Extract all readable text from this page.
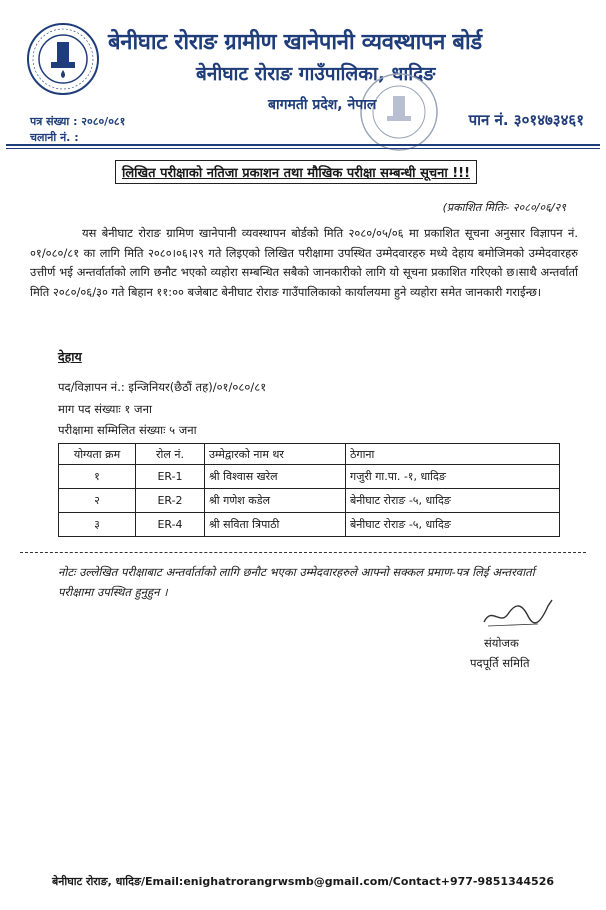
बेनीघाट रोराङ ग्रामीण खानेपानी व्यवस्थापन बोर्ड
बेनीघाट रोराङ गाउँपालिका, धादिङ
बागमती प्रदेश, नेपाल
पत्र संख्या : २०८०/०८१
चलानी नं. :
पान नं. ३०१४७३४६१
लिखित परीक्षाको नतिजा प्रकाशन तथा मौखिक परीक्षा सम्बन्धी सूचना !!!
(प्रकाशित मितिः- २०८०/०६/२९

यस बेनीघाट रोराङ ग्रामिण खानेपानी व्यवस्थापन बोर्डको मिति २०८०/०५/०६ मा प्रकाशित सूचना अनुसार विज्ञापन नं. ०१/०८०/८१ का लागि मिति २०८०।०६।२९ गते लिइएको लिखित परीक्षामा उपस्थित उम्मेदवारहरु मध्ये देहाय बमोजिमको उम्मेदवारहरु उत्तीर्ण भई अन्तर्वार्ताको लागि छनौट भएको व्यहोरा सम्बन्धित सबैको जानकारीको लागि यो सूचना प्रकाशित गरिएको छ।साथै अन्तर्वार्ता मिति २०८०/०६/३० गते बिहान ११:०० बजेबाट बेनीघाट रोराङ गाउँपालिकाको कार्यालयमा हुने व्यहोरा समेत जानकारी गराईन्छ।

देहाय
पद/विज्ञापन नं.: इन्जिनियर(छैठौं तह)/०१/०८०/८१
माग पद संख्याः १ जना
परीक्षामा सम्मिलित संख्याः ५ जना
योग्यता क्रम	रोल नं.	उम्मेद्वारको नाम थर	ठेगाना
१	ER-1	श्री विश्वास खरेल	गजुरी गा.पा. -१, धादिङ
२	ER-2	श्री गणेश कडेल	बेनीघाट रोराङ -५, धादिङ
३	ER-4	श्री सविता त्रिपाठी	बेनीघाट रोराङ -५, धादिङ
नोटः उल्लेखित परीक्षाबाट अन्तर्वार्ताको लागि छनौट भएका उम्मेदवारहरुले आफ्नो सक्कल प्रमाण-पत्र लिई अन्तरवार्ता परीक्षामा उपस्थित हुनुहुन ।
संयोजक
पदपूर्ति समिति
बेनीघाट रोराङ, धादिङ/Email:enighatrorangrwsmb@gmail.com/Contact+977-9851344526
